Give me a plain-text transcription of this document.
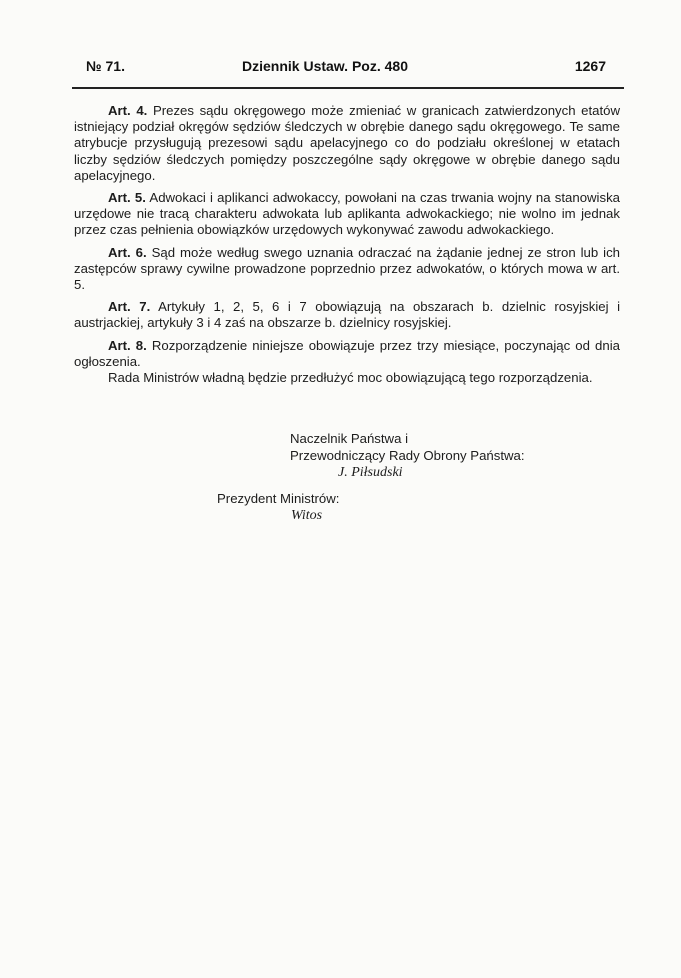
№ 71.	Dziennik Ustaw. Poz. 480	1267

Art. 4. Prezes sądu okręgowego może zmieniać w granicach zatwierdzonych etatów istniejący podział okręgów sędziów śledczych w obrębie danego sądu okręgowego. Te same atrybucje przysługują prezesowi sądu apelacyjnego co do podziału określonej w etatach liczby sędziów śledczych pomiędzy poszczególne sądy okręgowe w obrębie danego sądu apelacyjnego.

Art. 5. Adwokaci i aplikanci adwokaccy, powołani na czas trwania wojny na stanowiska urzędowe nie tracą charakteru adwokata lub aplikanta adwokackiego; nie wolno im jednak przez czas pełnienia obowiązków urzędowych wykonywać zawodu adwokackiego.

Art. 6. Sąd może według swego uznania odraczać na żądanie jednej ze stron lub ich zastępców sprawy cywilne prowadzone poprzednio przez adwokatów, o których mowa w art. 5.

Art. 7. Artykuły 1, 2, 5, 6 i 7 obowiązują na obszarach b. dzielnic rosyjskiej i austrjackiej, artykuły 3 i 4 zaś na obszarze b. dzielnicy rosyjskiej.

Art. 8. Rozporządzenie niniejsze obowiązuje przez trzy miesiące, poczynając od dnia ogłoszenia.

Rada Ministrów władną będzie przedłużyć moc obowiązującą tego rozporządzenia.

Naczelnik Państwa i
Przewodniczący Rady Obrony Państwa:
J. Piłsudski
Prezydent Ministrów:
Witos
